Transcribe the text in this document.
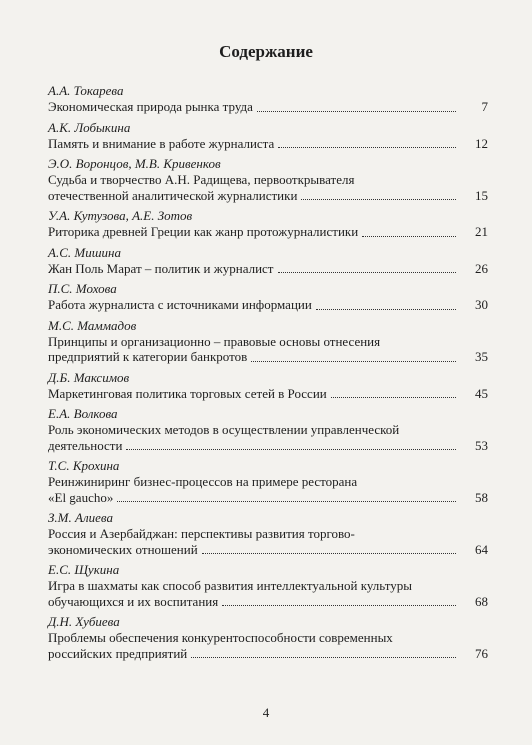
Содержание
А.А. Токарева
Экономическая природа рынка труда	7
А.К. Лобыкина
Память и внимание в работе журналиста	12
Э.О. Воронцов, М.В. Кривенков
Судьба и творчество А.Н. Радищева, первооткрывателя
отечественной аналитической журналистики	15
У.А. Кутузова, А.Е. Зотов
Риторика древней Греции как жанр протожурналистики	21
А.С. Мишина
Жан Поль Марат – политик и журналист	26
П.С. Мохова
Работа журналиста с источниками информации	30
М.С. Маммадов
Принципы и организационно – правовые основы отнесения
предприятий к категории банкротов	35
Д.Б. Максимов
Маркетинговая политика торговых сетей в России	45
Е.А. Волкова
Роль экономических методов в осуществлении управленческой
деятельности	53
Т.С. Крохина
Реинжиниринг бизнес-процессов на примере ресторана
«El gaucho»	58
З.М. Алиева
Россия и Азербайджан: перспективы развития торгово-
экономических отношений	64
Е.С. Щукина
Игра в шахматы как способ развития интеллектуальной культуры
обучающихся и их воспитания	68
Д.Н. Хубиева
Проблемы обеспечения конкурентоспособности современных
российских предприятий	76
4
